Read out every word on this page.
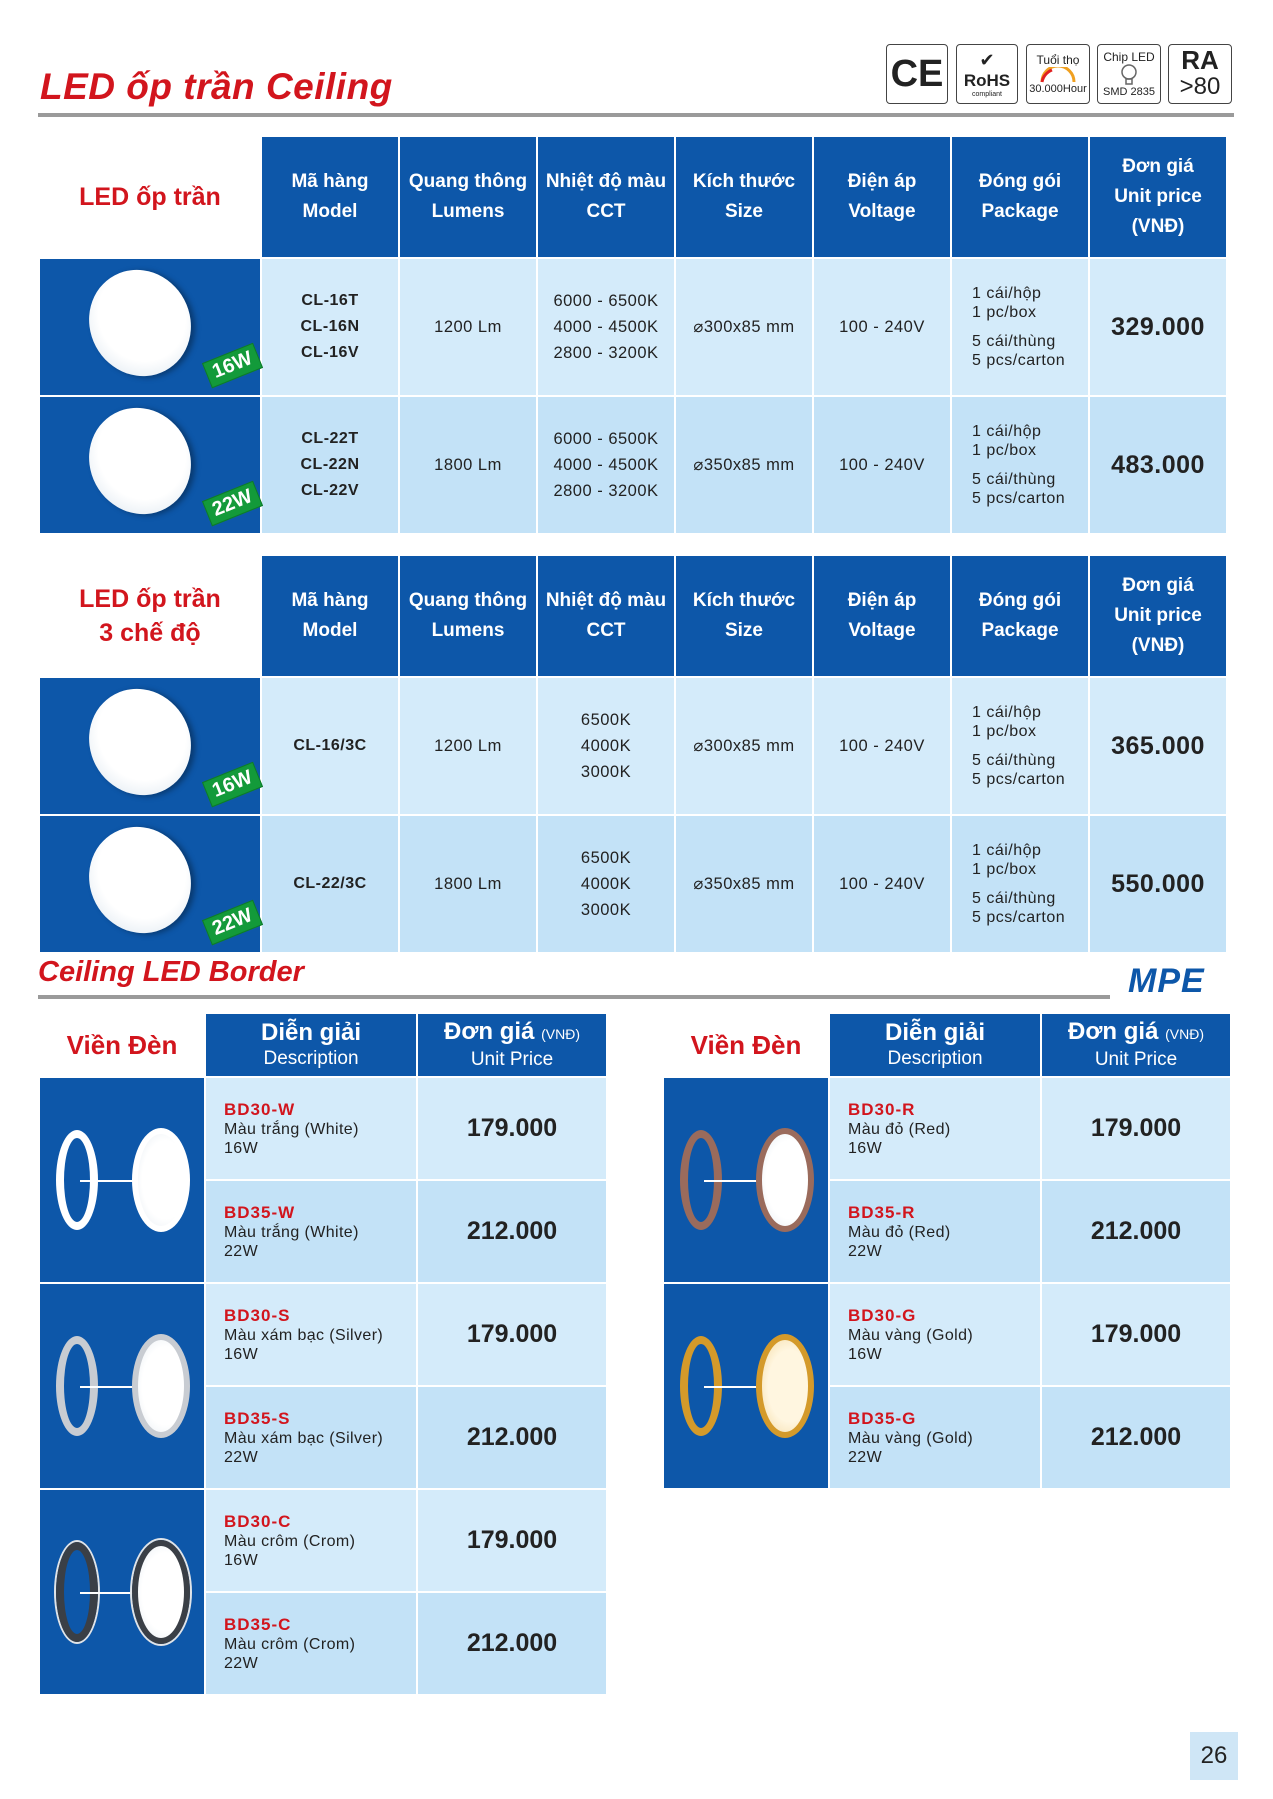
LED ốp trần Ceiling	CE ✔
RoHS
compliant
Tuổi thọ
30.000Hour
Chip LED
SMD 2835
RA
>80
LED ốp trần	Mã hàng
Model	Quang thông
Lumens	Nhiệt độ màu
CCT	Kích thước
Size	Điện áp
Voltage	Đóng gói
Package	Đơn giá
Unit price
(VNĐ)

16W	CL-16T
CL-16N
CL-16V	1200 Lm	6000 - 6500K
4000 - 4500K
2800 - 3200K	⌀300x85 mm	100 - 240V	1 cái/hộp
1 pc/box

5 cái/thùng
5 pcs/carton	329.000

22W	CL-22T
CL-22N
CL-22V	1800 Lm	6000 - 6500K
4000 - 4500K
2800 - 3200K	⌀350x85 mm	100 - 240V	1 cái/hộp
1 pc/box

5 cái/thùng
5 pcs/carton	483.000
LED ốp trần
3 chế độ	Mã hàng
Model	Quang thông
Lumens	Nhiệt độ màu
CCT	Kích thước
Size	Điện áp
Voltage	Đóng gói
Package	Đơn giá
Unit price
(VNĐ)

16W	CL-16/3C	1200 Lm	6500K
4000K
3000K	⌀300x85 mm	100 - 240V	1 cái/hộp
1 pc/box

5 cái/thùng
5 pcs/carton	365.000

22W	CL-22/3C	1800 Lm	6500K
4000K
3000K	⌀350x85 mm	100 - 240V	1 cái/hộp
1 pc/box

5 cái/thùng
5 pcs/carton	550.000
Ceiling LED Border	MPE
Viền Đèn	Diễn giải
Description	Đơn giá (VNĐ)
Unit Price

	BD30-W
Màu trắng (White)
16W	179.000
	BD35-W
Màu trắng (White)
22W	212.000

	BD30-S
Màu xám bạc (Silver)
16W	179.000
	BD35-S
Màu xám bạc (Silver)
22W	212.000

	BD30-C
Màu crôm (Crom)
16W	179.000
	BD35-C
Màu crôm (Crom)
22W	212.000
Viền Đèn	Diễn giải
Description	Đơn giá (VNĐ)
Unit Price

	BD30-R
Màu đỏ (Red)
16W	179.000
	BD35-R
Màu đỏ (Red)
22W	212.000

	BD30-G
Màu vàng (Gold)
16W	179.000
	BD35-G
Màu vàng (Gold)
22W	212.000
26
